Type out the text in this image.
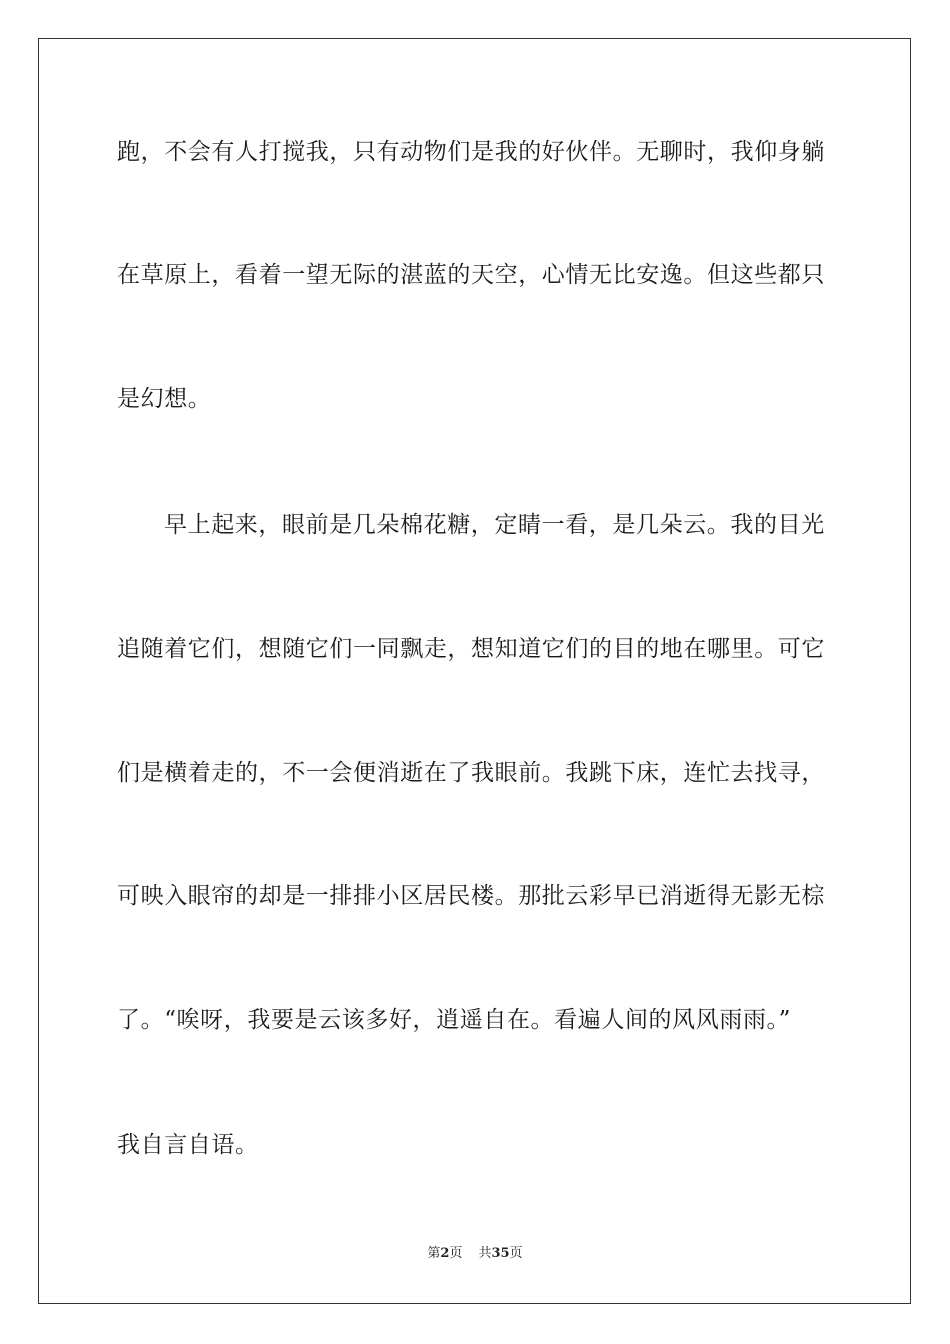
跑，不会有人打搅我，只有动物们是我的好伙伴。无聊时，我仰身躺
在草原上，看着一望无际的湛蓝的天空，心情无比安逸。但这些都只
是幻想。
早上起来，眼前是几朵棉花糖，定睛一看，是几朵云。我的目光
追随着它们，想随它们一同飘走，想知道它们的目的地在哪里。可它
们是横着走的，不一会便消逝在了我眼前。我跳下床，连忙去找寻，
可映入眼帘的却是一排排小区居民楼。那批云彩早已消逝得无影无棕
了。“唉呀，我要是云该多好，逍遥自在。看遍人间的风风雨雨。”
我自言自语。
第2页 共35页
